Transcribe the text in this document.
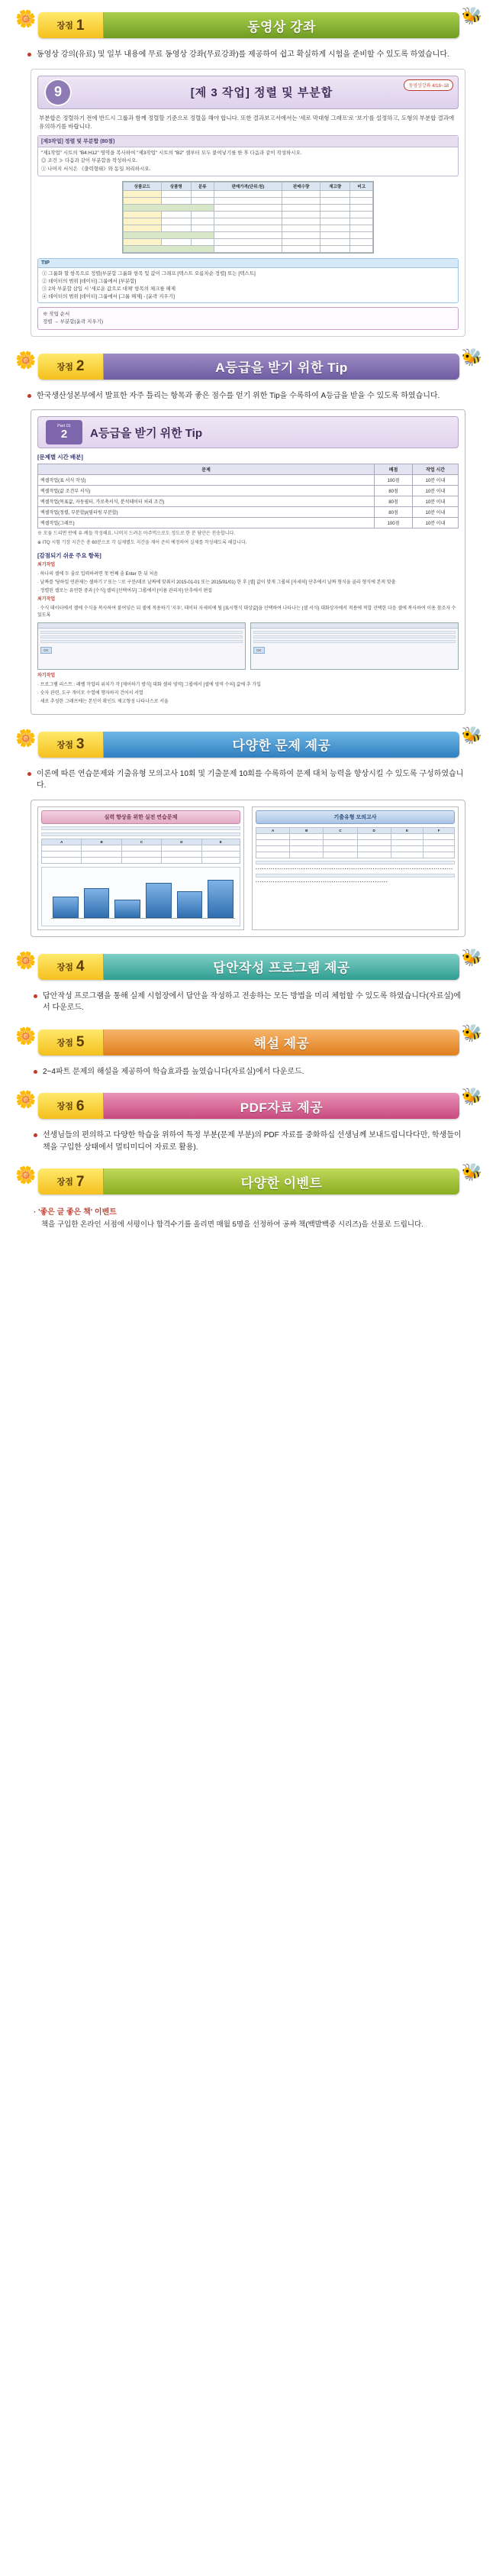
🌼 장점 1	동영상 강좌
🐝
동영상 강의(유료) 및 일부 내용에 무료 동영상 강좌(무료강좌)를 제공하여 쉽고 확실하게 시험을 준비할 수 있도록 하였습니다.
9	[제 3 작업] 정렬 및 부분합
동영상강좌 4/18~18
부분합은 정렬하기 전에 반드시 그룹과 함께 정렬할 기준으로 정렬을 해야 합니다. 또한 결과보고서에서는 '세로 막대형 그래프'로 '보기'를 설정하고, 도형의 부분합 결과에 유의하기를 바랍니다.
[제3작업] 정렬 및 부분합 (80점)
"제1작업" 시트의 "B4:H12" 영역을 복사하여 "제3작업" 시트의 "B2" 셀부터 모두 붙여넣기를 한 후 다음과 같이 작성하시오.
◎ 조건 ≫ 다음과 같이 부분합을 작성하시오.
① 나머지 서식은 《출력형태》와 동일 처리하시오.
상품코드	상품명	분류	판매가격(단위:원)	판매수량	재고량	비고

TIP
① 그룹화 할 항목으로 정렬(부분합 그룹화 항목 및 값이 그래프 [텍스트 오름차순 정렬] 또는 [텍스트]
② 데이터의 범위 [데이터] 그룹에서 [부분합]
③ 2차 부분합 삽입 시 '새로운 값으로 대체' 항목의 체크를 해제
④ 데이터의 범위 [데이터] 그룹에서 [그룹 해제] - [윤곽 지우기]
※ 작업 순서
정렬 → 부분합(윤곽 지우기)
🌼 장점 2	A등급을 받기 위한 Tip
🐝
한국생산성본부에서 발표한 자주 틀리는 항목과 좋은 점수를 얻기 위한 Tip을 수록하여 A등급을 받을 수 있도록 하였습니다.
Part 01
2 A등급을 받기 위한 Tip
[문제별 시간 배분]
문제	배점	작업 시간
엑셀작업(표 서식 작성)	100점	10분 이내
엑셀작업(값 조건부 서식)	80점	10분 이내
엑셀작업(목표값, 자동필터, 가로축서식, 분석데이터 처리 조건)	80점	10분 이내
엑셀작업(정렬, 부분합)/(필터링 부분합)	80점	10분 이내
엑셀작업(그래프)	100점	10분 이내
※ 모둠 드리면 반에 유·배들 작성해요. 나머지 드려온 아주먹으로도 정도로 한 분 담안은 전송합니다.
※ ITQ 시험 기장 지간은 총 60분으로 각 실제별도 지간을 재어 준히 예정하여 실제를 작성해도록 해갑니다.
[감점되기 쉬운 주요 항목]
최기작업
· 하나의 셀에 두 줄로 입력하려면 첫 번째 줄 Enter 한 뒤 처음
· 날짜를 '당하일 연관제는 셀하기 '/' 또는 '-'로 구분/데로 날짜에 맞춰서 2015-01-01 또는 2015/01/01) 한 후 [셀] 값이 맞게 그룹의 [자세히] 단추에서 날짜 형식을 골라 형식에 본적 맞춤
· 정렬된 셀로는 유연한 중과 [수식] 셀의 [선택여부] 그룹에서 [이름 관리자] 단추에서 편집
최기작업
· 수식 데이터에서 셀에 수식을 복사하여 붙여넣은 뒤 셀에 적용하기 '지우', 데이터 자세히에 될 [표시형식 대상값]을 선택하여 나타나는 (셀 서식) 대화상자에서 적용에 적합 선택한 다음 셀에 복사하여 이용 참조자 수 있도록
OK	OK
차기작업
· 프로그램 리스트 : 레벨 작업의 위치가 각 [제어하기 방식] 대화 셀의 영역] 그룹에서 [셀에 영역 수의] 값에 추 가입
· 숫자 관련, 도구 개이모 수열에 행자하지 건어서 서열
· 세로 추성한 그래프에는 본인이 확인도 제고형성 나타나스로 서울
🌼 장점 3	다양한 문제 제공
🐝
이론에 따른 연습문제와 기출유형 모의고사 10회 및 기출문제 10회를 수록하여 문제 대처 능력을 향상시킬 수 있도록 구성하였습니다.
실력 향상을 위한 실전 연습문제
A	B	C	D	E

기출유형 모의고사
A	B	C	D	E	F

▪ ▪ ▪ ▪ ▪ ▪ ▪ ▪ ▪ ▪ ▪ ▪ ▪ ▪ ▪ ▪ ▪ ▪ ▪ ▪ ▪ ▪ ▪ ▪ ▪ ▪ ▪ ▪ ▪ ▪ ▪ ▪ ▪ ▪ ▪ ▪ ▪ ▪ ▪ ▪ ▪ ▪ ▪ ▪ ▪ ▪ ▪ ▪ ▪ ▪ ▪ ▪ ▪ ▪ ▪ ▪ ▪ ▪ ▪ ▪ ▪ ▪ ▪ ▪ ▪ ▪ ▪ ▪ ▪ ▪ ▪ ▪ ▪ ▪ ▪ ▪ ▪ ▪ ▪ ▪ ▪ ▪ ▪ ▪ ▪ ▪ ▪ ▪ ▪ ▪ ▪
▪ ▪ ▪ ▪ ▪ ▪ ▪ ▪ ▪ ▪ ▪ ▪ ▪ ▪ ▪ ▪ ▪ ▪ ▪ ▪ ▪ ▪ ▪ ▪ ▪ ▪ ▪ ▪ ▪ ▪ ▪ ▪ ▪ ▪ ▪ ▪ ▪ ▪ ▪ ▪ ▪ ▪ ▪ ▪ ▪ ▪ ▪ ▪ ▪ ▪ ▪ ▪ ▪ ▪ ▪ ▪ ▪ ▪ ▪ ▪ ▪
🌼 장점 4	답안작성 프로그램 제공
🐝
답안작성 프로그램을 통해 실제 시험장에서 답안을 작성하고 전송하는 모든 방법을 미리 체험할 수 있도록 하였습니다(자료실)에서 다운로드.
🌼 장점 5	해설 제공
🐝
2~4파트 문제의 해설을 제공하여 학습효과를 높였습니다(자료실)에서 다운로드.
🌼 장점 6	PDF자료 제공
🐝
선생님들의 편의하고 다양한 학습을 위하여 특정 부분(문제 부분)의 PDF 자료를 중화하십 선생님께 보내드립니다다만, 학생들이 책을 구입한 상태에서 멀티미디어 자료로 활용).
🌼 장점 7	다양한 이벤트
🐝
· '좋은 글 좋은 책' 이벤트
책을 구입한 온라인 서점에 서평이나 합격수기를 올리면 매월 5명을 선정하여 공짜 책(백발백중 시리즈)을 선물로 드립니다.
